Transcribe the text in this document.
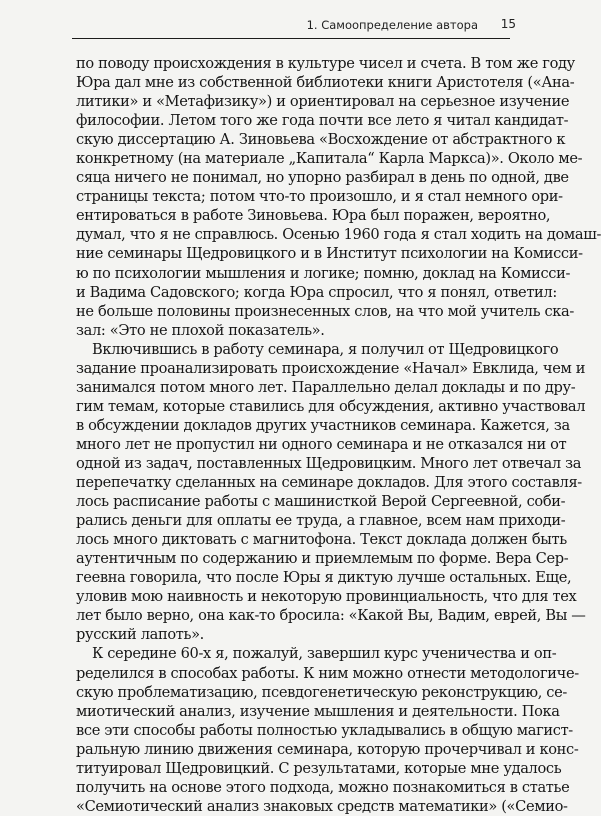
1. Самоопределение автора 15
по поводу происхождения в культуре чисел и счета. В том же году
Юра дал мне из собственной библиотеки книги Аристотеля («Ана-
литики» и «Метафизику») и ориентировал на серьезное изучение
философии. Летом того же года почти все лето я читал кандидат-
скую диссертацию А. Зиновьева «Восхождение от абстрактного к
конкретному (на материале „Капитала“ Карла Маркса)». Около ме-
сяца ничего не понимал, но упорно разбирал в день по одной, две
страницы текста; потом что-то произошло, и я стал немного ори-
ентироваться в работе Зиновьева. Юра был поражен, вероятно,
думал, что я не справлюсь. Осенью 1960 года я стал ходить на домаш-
ние семинары Щедровицкого и в Институт психологии на Комисси-
ю по психологии мышления и логике; помню, доклад на Комисси-
и Вадима Садовского; когда Юра спросил, что я понял, ответил:
не больше половины произнесенных слов, на что мой учитель ска-
зал: «Это не плохой показатель».
Включившись в работу семинара, я получил от Щедровицкого
задание проанализировать происхождение «Начал» Евклида, чем и
занимался потом много лет. Параллельно делал доклады и по дру-
гим темам, которые ставились для обсуждения, активно участвовал
в обсуждении докладов других участников семинара. Кажется, за
много лет не пропустил ни одного семинара и не отказался ни от
одной из задач, поставленных Щедровицким. Много лет отвечал за
перепечатку сделанных на семинаре докладов. Для этого составля-
лось расписание работы с машинисткой Верой Сергеевной, соби-
рались деньги для оплаты ее труда, а главное, всем нам приходи-
лось много диктовать с магнитофона. Текст доклада должен быть
аутентичным по содержанию и приемлемым по форме. Вера Сер-
геевна говорила, что после Юры я диктую лучше остальных. Еще,
уловив мою наивность и некоторую провинциальность, что для тех
лет было верно, она как-то бросила: «Какой Вы, Вадим, еврей, Вы —
русский лапоть».
К середине 60-х я, пожалуй, завершил курс ученичества и оп-
ределился в способах работы. К ним можно отнести методологиче-
скую проблематизацию, псевдогенетическую реконструкцию, се-
миотический анализ, изучение мышления и деятельности. Пока
все эти способы работы полностью укладывались в общую магист-
ральную линию движения семинара, которую прочерчивал и конс-
титуировал Щедровицкий. С результатами, которые мне удалось
получить на основе этого подхода, можно познакомиться в статье
«Семиотический анализ знаковых средств математики» («Семио-
